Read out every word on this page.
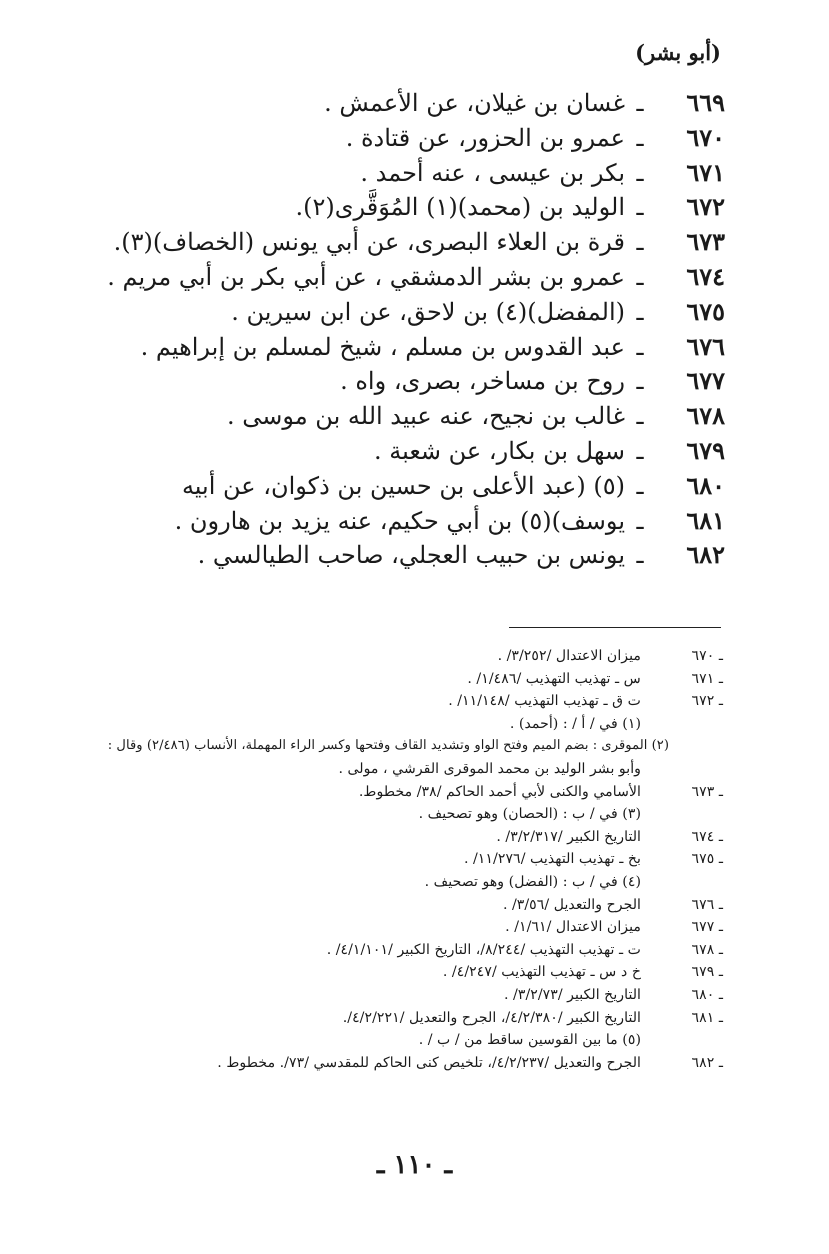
(أبو بشر)
٦٦٩
ـ
غسان بن غيلان، عن الأعمش .
٦٧٠
ـ
عمرو بن الحزور، عن قتادة .
٦٧١
ـ
بكر بن عيسى ، عنه أحمد .
٦٧٢
ـ
الوليد بن (محمد)(١) المُوَقَّرى(٢).
٦٧٣
ـ
قرة بن العلاء البصرى، عن أبي يونس (الخصاف)(٣).
٦٧٤
ـ
عمرو بن بشر الدمشقي ، عن أبي بكر بن أبي مريم .
٦٧٥
ـ
(المفضل)(٤) بن لاحق، عن ابن سيرين .
٦٧٦
ـ
عبد القدوس بن مسلم ، شيخ لمسلم بن إبراهيم .
٦٧٧
ـ
روح بن مساخر، بصرى، واه .
٦٧٨
ـ
غالب بن نجيح، عنه عبيد الله بن موسى .
٦٧٩
ـ
سهل بن بكار، عن شعبة .
٦٨٠
ـ
(٥) (عبد الأعلى بن حسين بن ذكوان، عن أبيه
٦٨١
ـ
يوسف)(٥) بن أبي حكيم، عنه يزيد بن هارون .
٦٨٢
ـ
يونس بن حبيب العجلي، صاحب الطيالسي .
ـ ٦٧٠
ميزان الاعتدال /٣/٢٥٢/ .
ـ ٦٧١
س ـ تهذيب التهذيب /١/٤٨٦/ .
ـ ٦٧٢
ت ق ـ تهذيب التهذيب /١١/١٤٨/ .
(١) في / أ / : (أحمد) .
(٢) الموقرى : بضم الميم وفتح الواو وتشديد القاف وفتحها وكسر الراء المهملة، الأنساب (٢/٤٨٦) وقال :
وأبو بشر الوليد بن محمد الموقرى القرشي ، مولى .
ـ ٦٧٣
الأسامي والكنى لأبي أحمد الحاكم /٣٨/ مخطوط.
(٣) في / ب : (الحصان) وهو تصحيف .
ـ ٦٧٤
التاريخ الكبير /٣/٢/٣١٧/ .
ـ ٦٧٥
بخ ـ تهذيب التهذيب /١١/٢٧٦/ .
(٤) في / ب : (الفضل) وهو تصحيف .
ـ ٦٧٦
الجرح والتعديل /٣/٥٦/ .
ـ ٦٧٧
ميزان الاعتدال /١/٦١/ .
ـ ٦٧٨
ت ـ تهذيب التهذيب /٨/٢٤٤/، التاريخ الكبير /٤/١/١٠١/ .
ـ ٦٧٩
خ د س ـ تهذيب التهذيب /٤/٢٤٧/ .
ـ ٦٨٠
التاريخ الكبير /٣/٢/٧٣/ .
ـ ٦٨١
التاريخ الكبير /٤/٢/٣٨٠/، الجرح والتعديل /٤/٢/٢٢١/.
(٥) ما بين القوسين ساقط من / ب / .
ـ ٦٨٢
الجرح والتعديل /٤/٢/٢٣٧/، تلخيص كنى الحاكم للمقدسي /٧٣/. مخطوط .
ـ ١١٠ ـ
